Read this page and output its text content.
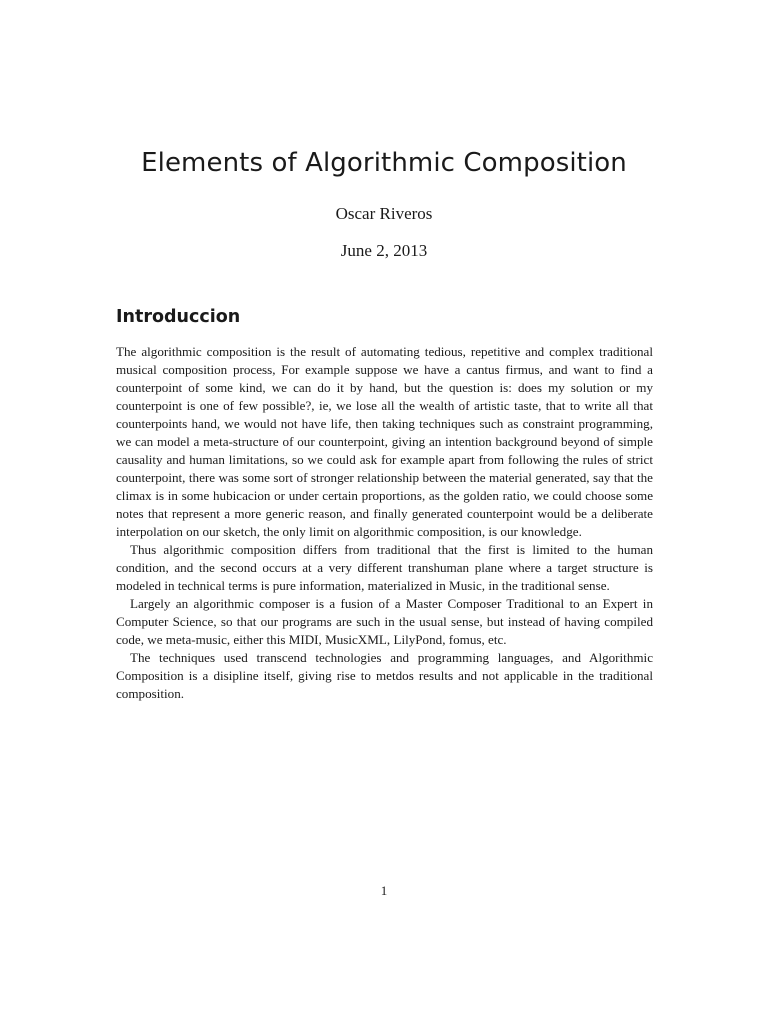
Elements of Algorithmic Composition
Oscar Riveros
June 2, 2013
Introduccion

The algorithmic composition is the result of automating tedious, repetitive and complex traditional musical composition process, For example suppose we have a cantus firmus, and want to find a counterpoint of some kind, we can do it by hand, but the question is: does my solution or my counterpoint is one of few possible?, ie, we lose all the wealth of artistic taste, that to write all that counterpoints hand, we would not have life, then taking techniques such as constraint programming, we can model a meta-structure of our counterpoint, giving an intention background beyond of simple causality and human limitations, so we could ask for example apart from following the rules of strict counterpoint, there was some sort of stronger relationship between the material generated, say that the climax is in some hubicacion or under certain proportions, as the golden ratio, we could choose some notes that represent a more generic reason, and finally generated counterpoint would be a deliberate interpolation on our sketch, the only limit on algorithmic composition, is our knowledge.

Thus algorithmic composition differs from traditional that the first is limited to the human condition, and the second occurs at a very different transhuman plane where a target structure is modeled in technical terms is pure information, materialized in Music, in the traditional sense.

Largely an algorithmic composer is a fusion of a Master Composer Traditional to an Expert in Computer Science, so that our programs are such in the usual sense, but instead of having compiled code, we meta-music, either this MIDI, MusicXML, LilyPond, fomus, etc.

The techniques used transcend technologies and programming languages, and Algorithmic Composition is a disipline itself, giving rise to metdos results and not applicable in the traditional composition.

1
